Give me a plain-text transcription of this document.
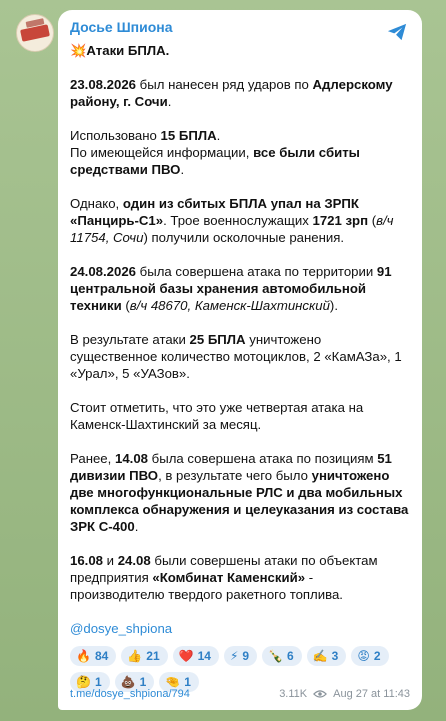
Досье Шпиона

💥Атаки БПЛА.

23.08.2026 был нанесен ряд ударов по Адлерскому району, г. Сочи.

Использовано 15 БПЛА.
По имеющейся информации, все были сбиты средствами ПВО.

Однако, один из сбитых БПЛА упал на ЗРПК «Панцирь-С1». Трое военнослужащих 1721 зрп (в/ч 11754, Сочи) получили осколочные ранения.

24.08.2026 была совершена атака по территории 91 центральной базы хранения автомобильной техники (в/ч 48670, Каменск-Шахтинский).

В результате атаки 25 БПЛА уничтожено существенное количество мотоциклов, 2 «КамАЗа», 1 «Урал», 5 «УАЗов».

Стоит отметить, что это уже четвертая атака на Каменск-Шахтинский за месяц.

Ранее, 14.08 была совершена атака по позициям 51 дивизии ПВО, в результате чего было уничтожено две многофункциональные РЛС и два мобильных комплекса обнаружения и целеуказания из состава ЗРК С-400.

16.08 и 24.08 были совершены атаки по объектам предприятия «Комбинат Каменский» - производителю твердого ракетного топлива.

@dosye_shpiona

🔥 84 👍 21 ❤️ 14 ⚡ 9 🍾 6 ✍️ 3 😡 2
🤔 1 💩 1 🤏 1
t.me/dosye_shpiona/794	3.11K Aug 27 at 11:43
